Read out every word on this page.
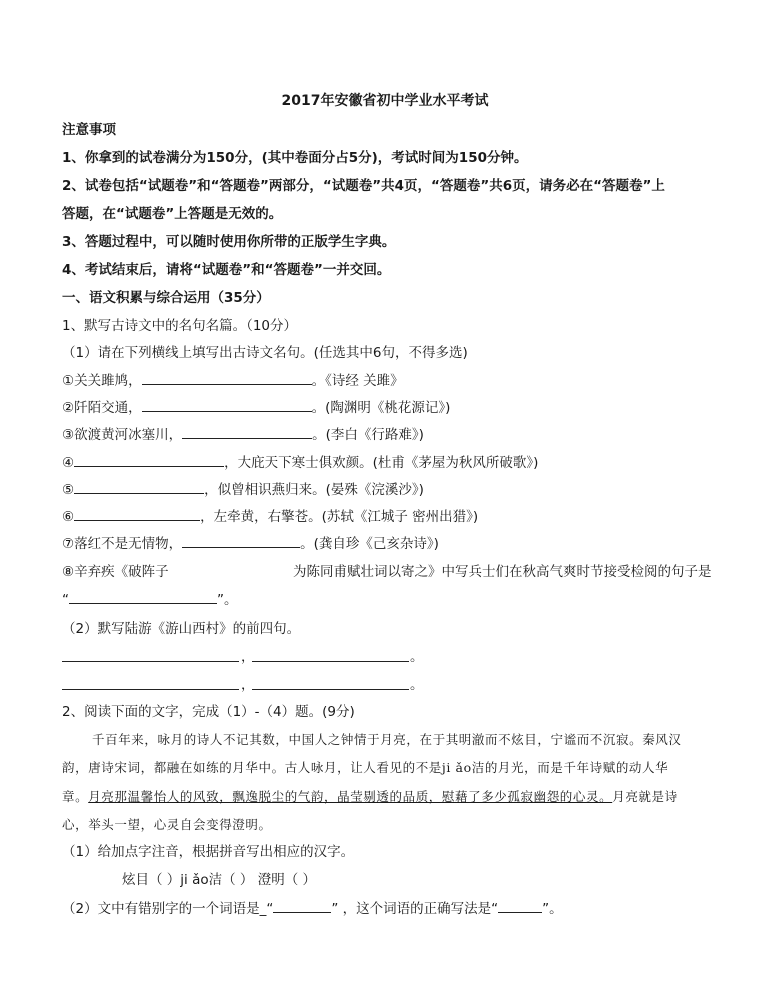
2017年安徽省初中学业水平考试
注意事项
1、你拿到的试卷满分为150分，(其中卷面分占5分)，考试时间为150分钟。
2、试卷包括“试题卷”和“答题卷”两部分，“试题卷”共4页，“答题卷”共6页，请务必在“答题卷”上
答题，在“试题卷”上答题是无效的。
3、答题过程中，可以随时使用你所带的正版学生字典。
4、考试结束后，请将“试题卷”和“答题卷”一并交回。
一、语文积累与综合运用（35分）
1、默写古诗文中的名句名篇。（10分）
（1）请在下列横线上填写出古诗文名句。(任选其中6句，不得多选)
①关关雎鸠，	。《诗经 关雎》
②阡陌交通，	。(陶渊明《桃花源记》)
③欲渡黄河冰塞川，	。(李白《行路难》)
④	，大庇天下寒士俱欢颜。(杜甫《茅屋为秋风所破歌》)
⑤	，似曾相识燕归来。(晏殊《浣溪沙》)
⑥	，左牵黄，右擎苍。(苏轼《江城子 密州出猎》)
⑦落红不是无情物，	。(龚自珍《己亥杂诗》)
⑧辛弃疾《破阵子	为陈同甫赋壮词以寄之》中写兵士们在秋高气爽时节接受检阅的句子是
“	”。
（2）默写陆游《游山西村》的前四句。
，	。
，	。
2、阅读下面的文字，完成（1）-（4）题。(9分)
千百年来，咏月的诗人不记其数，中国人之钟情于月亮，在于其明澈而不炫目，宁谧而不沉寂。秦风汉
韵，唐诗宋词，都融在如练的月华中。古人咏月，让人看见的不是ji ǎo洁的月光，而是千年诗赋的动人华
章。月亮那温馨怡人的风致，飘逸脱尘的气韵，晶莹剔透的品质，慰藉了多少孤寂幽怨的心灵。月亮就是诗
心，举头一望，心灵自会变得澄明。
（1）给加点字注音，根据拼音写出相应的汉字。
炫目（ ）ji ǎo洁（ ） 澄明（ ）
（2）文中有错别字的一个词语是_“	” ，这个词语的正确写法是“	”。
